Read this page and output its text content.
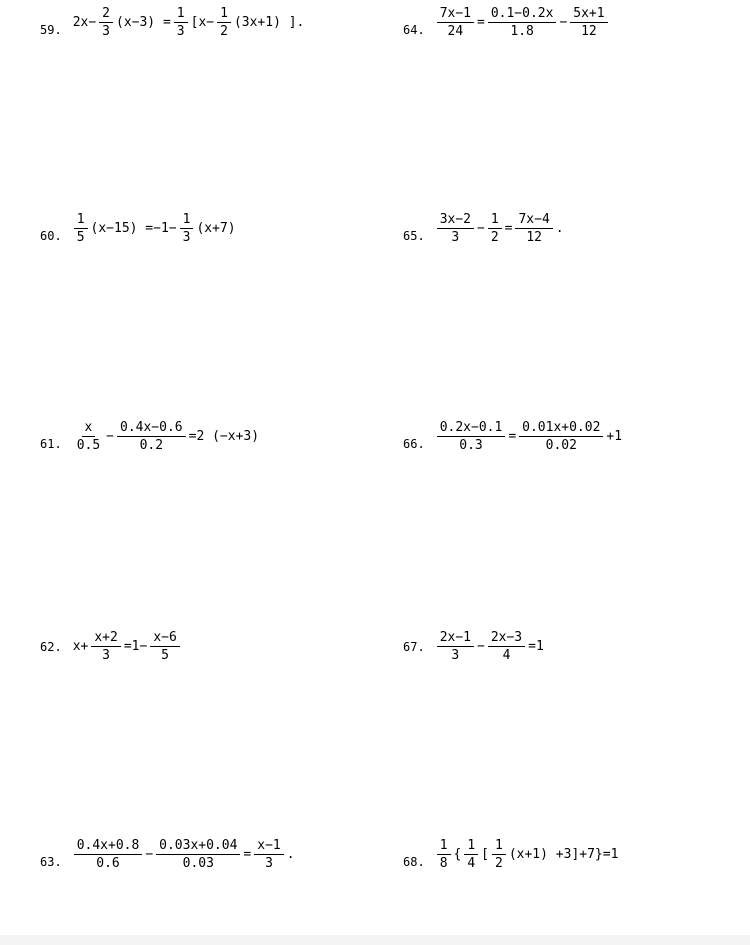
59. $2x- \frac{2}{3} (x-3) = \frac{1}{3} [x- \frac{1}{2} (3x+1)$ ].	64. $\frac{7x-1}{24} = \frac{0.1-0.2x}{1.8} - \frac{5x+1}{12}$
60. $\frac{1}{5} (x-15) =-1- \frac{1}{3} (x+7)$	65. $\frac{3x-2}{3} - \frac{1}{2} = \frac{7x-4}{12}$ .
61. $\frac{x}{0.5} - \frac{0.4x-0.6}{0.2} =2$ (−x+3)	66. $\frac{0.2x-0.1}{0.3} = \frac{0.01x+0.02}{0.02} +1$
62. $x+ \frac{x+2}{3} =1- \frac{x-6}{5}$	67. $\frac{2x-1}{3} - \frac{2x-3}{4} =1$
63. $\frac{0.4x+0.8}{0.6} - \frac{0.03x+0.04}{0.03} = \frac{x-1}{3}$ .	68. $\frac{1}{8}$ { $\frac{1}{4}$ [ $\frac{1}{2} (x+1) +3]+7\}=1$
